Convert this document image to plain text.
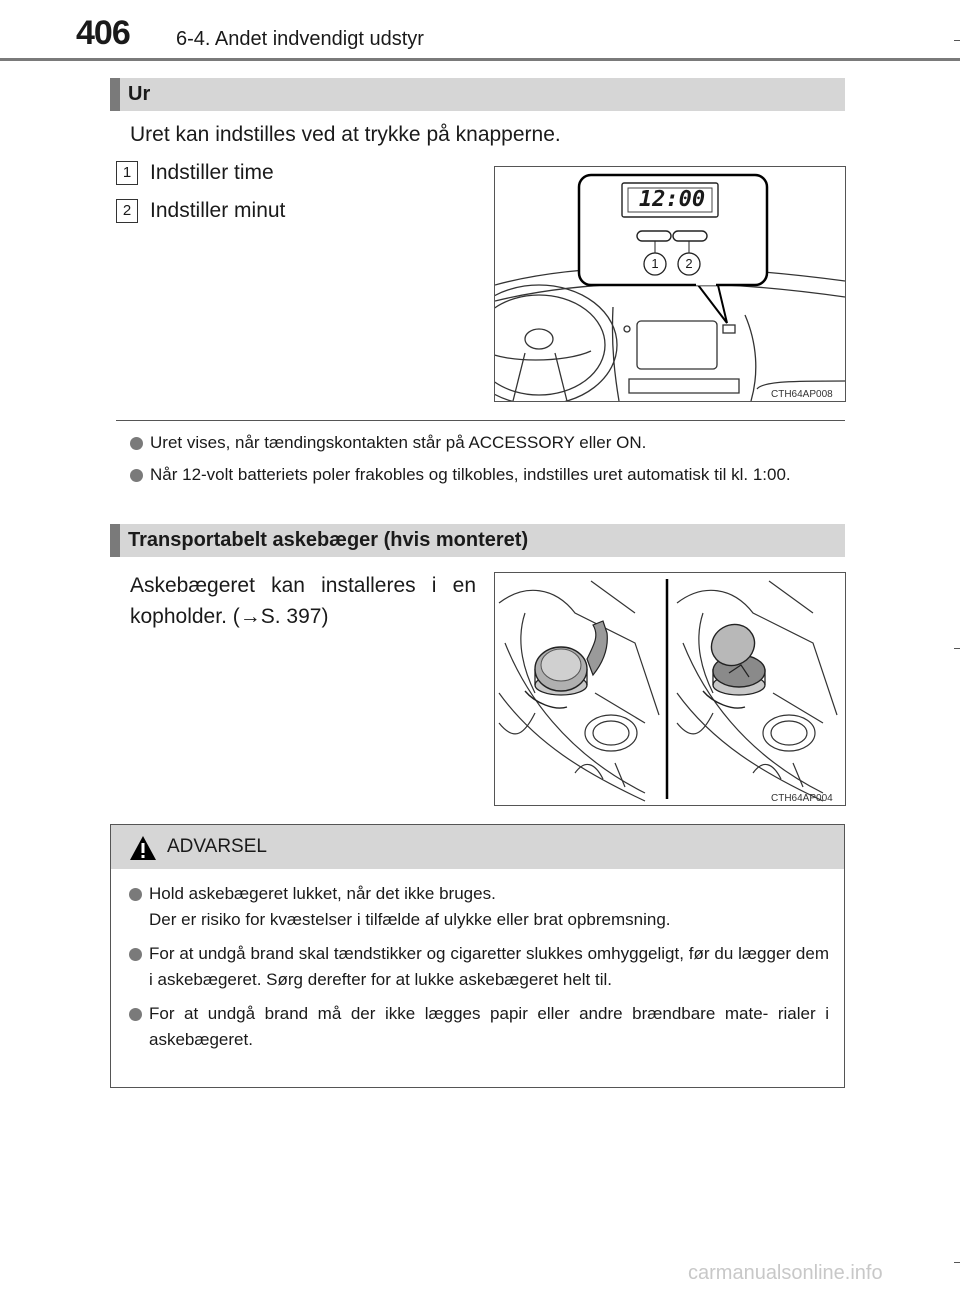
406 6-4. Andet indvendigt udstyr
Ur
Uret kan indstilles ved at trykke på knapperne.
1 Indstiller time
2 Indstiller minut	12:00
1 2
CTH64AP008
Uret vises, når tændingskontakten står på ACCESSORY eller ON.
Når 12-volt batteriets poler frakobles og tilkobles, indstilles uret automatisk til kl. 1:00.
Transportabelt askebæger (hvis monteret)
Askebægeret kan installeres i en
kopholder. (→S. 397)
CTH64AP004
ADVARSEL
Hold askebægeret lukket, når det ikke bruges.
Der er risiko for kvæstelser i tilfælde af ulykke eller brat opbremsning.
For at undgå brand skal tændstikker og cigaretter slukkes omhyggeligt, før du lægger dem i askebægeret. Sørg derefter for at lukke askebægeret helt til.
For at undgå brand må der ikke lægges papir eller andre brændbare mate- rialer i askebægeret.
carmanualsonline.info
